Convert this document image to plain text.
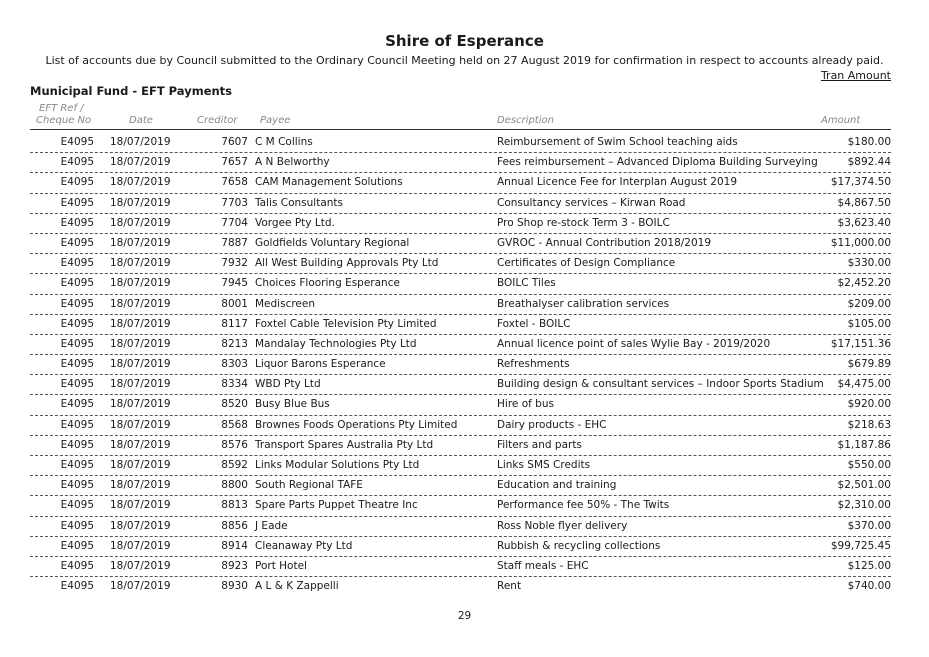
Shire of Esperance
List of accounts due by Council submitted to the Ordinary Council Meeting held on 27 August 2019 for confirmation in respect to accounts already paid.
Tran Amount
Municipal Fund - EFT Payments
EFT Ref /
Cheque No	Date	Creditor Payee	Description	Amount
E4095 18/07/2019	7607 C M Collins	Reimbursement of Swim School teaching aids	$180.00
E4095 18/07/2019	7657 A N Belworthy	Fees reimbursement – Advanced Diploma Building Surveying	$892.44
E4095 18/07/2019	7658 CAM Management Solutions	Annual Licence Fee for Interplan August 2019	$17,374.50
E4095 18/07/2019	7703 Talis Consultants	Consultancy services – Kirwan Road	$4,867.50
E4095 18/07/2019	7704 Vorgee Pty Ltd.	Pro Shop re-stock Term 3 - BOILC	$3,623.40
E4095 18/07/2019	7887 Goldfields Voluntary Regional	GVROC - Annual Contribution 2018/2019	$11,000.00
E4095 18/07/2019	7932 All West Building Approvals Pty Ltd	Certificates of Design Compliance	$330.00
E4095 18/07/2019	7945 Choices Flooring Esperance	BOILC Tiles	$2,452.20
E4095 18/07/2019	8001 Mediscreen	Breathalyser calibration services	$209.00
E4095 18/07/2019	8117 Foxtel Cable Television Pty Limited	Foxtel - BOILC	$105.00
E4095 18/07/2019	8213 Mandalay Technologies Pty Ltd	Annual licence point of sales Wylie Bay - 2019/2020	$17,151.36
E4095 18/07/2019	8303 Liquor Barons Esperance	Refreshments	$679.89
E4095 18/07/2019	8334 WBD Pty Ltd	Building design & consultant services – Indoor Sports Stadium $4,475.00
E4095 18/07/2019	8520 Busy Blue Bus	Hire of bus	$920.00
E4095 18/07/2019	8568 Brownes Foods Operations Pty Limited	Dairy products - EHC	$218.63
E4095 18/07/2019	8576 Transport Spares Australia Pty Ltd	Filters and parts	$1,187.86
E4095 18/07/2019	8592 Links Modular Solutions Pty Ltd	Links SMS Credits	$550.00
E4095 18/07/2019	8800 South Regional TAFE	Education and training	$2,501.00
E4095 18/07/2019	8813 Spare Parts Puppet Theatre Inc	Performance fee 50% - The Twits	$2,310.00
E4095 18/07/2019	8856 J Eade	Ross Noble flyer delivery	$370.00
E4095 18/07/2019	8914 Cleanaway Pty Ltd	Rubbish & recycling collections	$99,725.45
E4095 18/07/2019	8923 Port Hotel	Staff meals - EHC	$125.00
E4095 18/07/2019	8930 A L & K Zappelli	Rent	$740.00
29
